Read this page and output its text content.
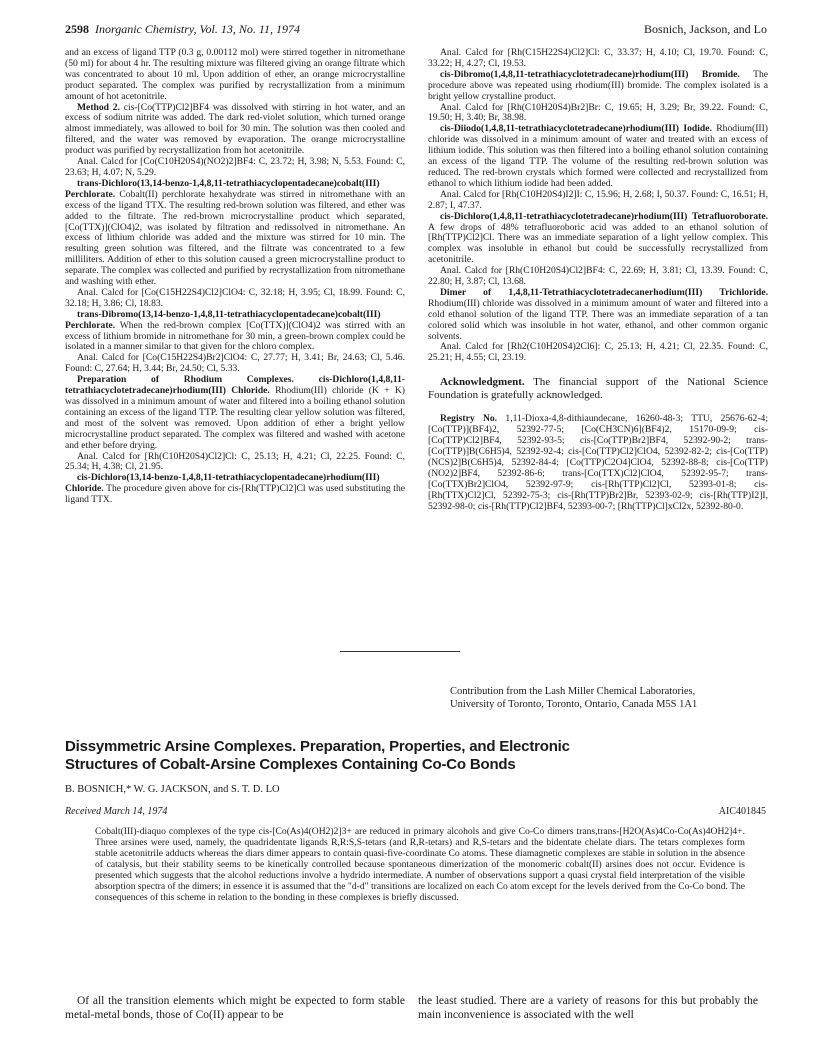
2598 Inorganic Chemistry, Vol. 13, No. 11, 1974	Bosnich, Jackson, and Lo

and an excess of ligand TTP (0.3 g, 0.00112 mol) were stirred together in nitromethane (50 ml) for about 4 hr. The resulting mixture was filtered giving an orange filtrate which was concentrated to about 10 ml. Upon addition of ether, an orange microcrystalline product separated. The complex was purified by recrystallization from a minimum amount of hot acetonitrile.

Method 2. cis-[Co(TTP)Cl2]BF4 was dissolved with stirring in hot water, and an excess of sodium nitrite was added. The dark red-violet solution, which turned orange almost immediately, was allowed to boil for 30 min. The solution was then cooled and filtered, and the water was removed by evaporation. The orange microcrystalline product was purified by recrystallization from hot acetonitrile.

Anal. Calcd for [Co(C10H20S4)(NO2)2]BF4: C, 23.72; H, 3.98; N, 5.53. Found: C, 23.63; H, 4.07; N, 5.29.

trans-Dichloro(13,14-benzo-1,4,8,11-tetrathiacyclopentadecane)cobalt(III) Perchlorate. Cobalt(II) perchlorate hexahydrate was stirred in nitromethane with an excess of the ligand TTX. The resulting red-brown solution was filtered, and ether was added to the filtrate. The red-brown microcrystalline product which separated, [Co(TTX)](ClO4)2, was isolated by filtration and redissolved in nitromethane. An excess of lithium chloride was added and the mixture was stirred for 10 min. The resulting green solution was filtered, and the filtrate was concentrated to a few milliliters. Addition of ether to this solution caused a green microcrystalline product to separate. The complex was collected and purified by recrystallization from nitromethane and washing with ether.

Anal. Calcd for [Co(C15H22S4)Cl2]ClO4: C, 32.18; H, 3.95; Cl, 18.99. Found: C, 32.18; H, 3.86; Cl, 18.83.

trans-Dibromo(13,14-benzo-1,4,8,11-tetrathiacyclopentadecane)cobalt(III) Perchlorate. When the red-brown complex [Co(TTX)](ClO4)2 was stirred with an excess of lithium bromide in nitromethane for 30 min, a green-brown complex could be isolated in a manner similar to that given for the chloro complex.

Anal. Calcd for [Co(C15H22S4)Br2]ClO4: C, 27.77; H, 3.41; Br, 24.63; Cl, 5.46. Found: C, 27.64; H, 3.44; Br, 24.50; Cl, 5.33.

Preparation of Rhodium Complexes. cis-Dichloro(1,4,8,11-tetrathiacyclotetradecane)rhodium(III) Chloride. Rhodium(III) chloride (K + K) was dissolved in a minimum amount of water and filtered into a boiling ethanol solution containing an excess of the ligand TTP. The resulting clear yellow solution was filtered, and most of the solvent was removed. Upon addition of ether a bright yellow microcrystalline product separated. The complex was filtered and washed with acetone and ether before drying.

Anal. Calcd for [Rh(C10H20S4)Cl2]Cl: C, 25.13; H, 4.21; Cl, 22.25. Found: C, 25.34; H, 4.38; Cl, 21.95.

cis-Dichloro(13,14-benzo-1,4,8,11-tetrathiacyclopentadecane)rhodium(III) Chloride. The procedure given above for cis-[Rh(TTP)Cl2]Cl was used substituting the ligand TTX.

Anal. Calcd for [Rh(C15H22S4)Cl2]Cl: C, 33.37; H, 4.10; Cl, 19.70. Found: C, 33.22; H, 4.27; Cl, 19.53.

cis-Dibromo(1,4,8,11-tetrathiacyclotetradecane)rhodium(III) Bromide. The procedure above was repeated using rhodium(III) bromide. The complex isolated is a bright yellow crystalline product.

Anal. Calcd for [Rh(C10H20S4)Br2]Br: C, 19.65; H, 3.29; Br, 39.22. Found: C, 19.50; H, 3.40; Br, 38.98.

cis-Diiodo(1,4,8,11-tetrathiacyclotetradecane)rhodium(III) Iodide. Rhodium(III) chloride was dissolved in a minimum amount of water and treated with an excess of lithium iodide. This solution was then filtered into a boiling ethanol solution containing an excess of the ligand TTP. The volume of the resulting red-brown solution was reduced. The red-brown crystals which formed were collected and recrystallized from ethanol to which lithium iodide had been added.

Anal. Calcd for [Rh(C10H20S4)I2]I: C, 15.96; H, 2.68; I, 50.37. Found: C, 16.51; H, 2.87; I, 47.37.

cis-Dichloro(1,4,8,11-tetrathiacyclotetradecane)rhodium(III) Tetrafluoroborate. A few drops of 48% tetrafluoroboric acid was added to an ethanol solution of [Rh(TTP)Cl2]Cl. There was an immediate separation of a light yellow complex. This complex was insoluble in ethanol but could be successfully recrystallized from acetonitrile.

Anal. Calcd for [Rh(C10H20S4)Cl2]BF4: C, 22.69; H, 3.81; Cl, 13.39. Found: C, 22.80; H, 3.87; Cl, 13.68.

Dimer of 1,4,8,11-Tetrathiacyclotetradecanerhodium(III) Trichloride. Rhodium(III) chloride was dissolved in a minimum amount of water and filtered into a cold ethanol solution of the ligand TTP. There was an immediate separation of a tan colored solid which was insoluble in hot water, ethanol, and other common organic solvents.

Anal. Calcd for [Rh2(C10H20S4)2Cl6]: C, 25.13; H, 4.21; Cl, 22.35. Found: C, 25.21; H, 4.55; Cl, 23.19.

Acknowledgment. The financial support of the National Science Foundation is gratefully acknowledged.

Registry No. 1,11-Dioxa-4,8-dithiaundecane, 16260-48-3; TTU, 25676-62-4; [Co(TTP)](BF4)2, 52392-77-5; [Co(CH3CN)6](BF4)2, 15170-09-9; cis-[Co(TTP)Cl2]BF4, 52392-93-5; cis-[Co(TTP)Br2]BF4, 52392-90-2; trans-[Co(TTP)]B(C6H5)4, 52392-92-4; cis-[Co(TTP)Cl2]ClO4, 52392-82-2; cis-[Co(TTP)(NCS)2]B(C6H5)4, 52392-84-4; [Co(TTP)C2O4]ClO4, 52392-88-8; cis-[Co(TTP)(NO2)2]BF4, 52392-86-6; trans-[Co(TTX)Cl2]ClO4, 52392-95-7; trans-[Co(TTX)Br2]ClO4, 52392-97-9; cis-[Rh(TTP)Cl2]Cl, 52393-01-8; cis-[Rh(TTX)Cl2]Cl, 52392-75-3; cis-[Rh(TTP)Br2]Br, 52393-02-9; cis-[Rh(TTP)I2]I, 52392-98-0; cis-[Rh(TTP)Cl2]BF4, 52393-00-7; [Rh(TTP)Cl]xCl2x, 52392-80-0.

Contribution from the Lash Miller Chemical Laboratories,
University of Toronto, Toronto, Ontario, Canada M5S 1A1
Dissymmetric Arsine Complexes. Preparation, Properties, and Electronic
Structures of Cobalt-Arsine Complexes Containing Co-Co Bonds
B. BOSNICH,* W. G. JACKSON, and S. T. D. LO
Received March 14, 1974	AIC401845

Cobalt(III)-diaquo complexes of the type cis-[Co(As)4(OH2)2]3+ are reduced in primary alcohols and give Co-Co dimers trans,trans-[H2O(As)4Co-Co(As)4OH2]4+. Three arsines were used, namely, the quadridentate ligands R,R:S,S-tetars (and R,R-tetars) and R,S-tetars and the bidentate chelate diars. The tetars complexes form stable acetonitrile adducts whereas the diars dimer appears to contain quasi-five-coordinate Co atoms. These diamagnetic complexes are stable in solution in the absence of catalysis, but their stability seems to be kinetically controlled because spontaneous dimerization of the monomeric cobalt(II) arsines does not occur. Evidence is presented which suggests that the alcohol reductions involve a hydrido intermediate. A number of observations support a quasi crystal field interpretation of the visible absorption spectra of the dimers; in essence it is assumed that the "d-d" transitions are localized on each Co atom except for the levels derived from the Co-Co bond. The consequences of this scheme in relation to the bonding in these complexes is briefly discussed.

Of all the transition elements which might be expected to form stable metal-metal bonds, those of Co(II) appear to be

the least studied. There are a variety of reasons for this but probably the main inconvenience is associated with the well
